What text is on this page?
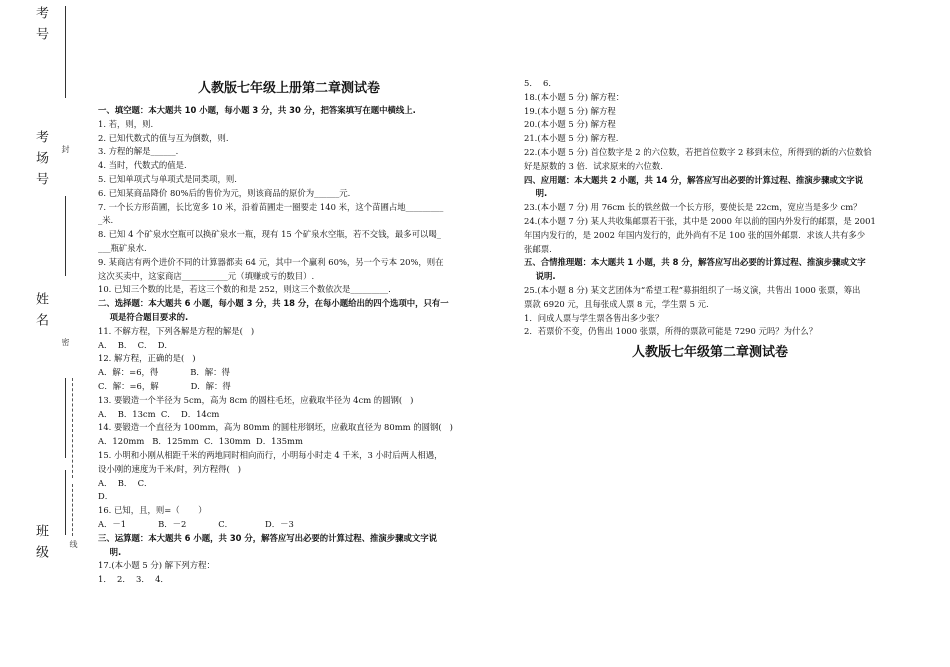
考 号
考 场 号 封
姓 名
密
班 级	线
人教版七年级上册第二章测试卷
一、填空题：本大题共 10 小题，每小题 3 分，共 30 分，把答案填写在题中横线上.
1. 若，则，则.
2. 已知代数式的值与互为倒数，则.
3. 方程的解是______.
4. 当时，代数式的值是.
5. 已知单项式与单项式是同类项，则.
6. 已知某商品降价 80%后的售价为元，则该商品的原价为______元.
7. 一个长方形苗圃，长比宽多 10 米，沿着苗圃走一圈要走 140 米，这个苗圃占地_________
_米.
8. 已知 4 个矿泉水空瓶可以换矿泉水一瓶，现有 15 个矿泉水空瓶，若不交钱，最多可以喝_
___瓶矿泉水.
9. 某商店有两个进价不同的计算器都卖 64 元，其中一个赢利 60%，另一个亏本 20%，则在
这次买卖中，这家商店___________元（填赚或亏的数目）.
10. 已知三个数的比是，若这三个数的和是 252，则这三个数依次是_________.
二、选择题：本大题共 6 小题，每小题 3 分，共 18 分，在每小题给出的四个选项中，只有一
项是符合题目要求的.
11. 不解方程，下列各解是方程的解是(   )
A．  B．  C．  D．
12. 解方程，正确的是(   )
A．解：=6，得            B．解：得
C．解：=6，解            D．解：得
13. 要锻造一个半径为 5cm，高为 8cm 的圆柱毛坯，应截取半径为 4cm 的圆钢(   )
A．  B．13cm  C．  D．14cm
14. 要锻造一个直径为 100mm，高为 80mm 的圆柱形钢坯，应截取直径为 80mm 的圆钢(   )
A．120mm   B．125mm  C．130mm  D．135mm
15. 小明和小刚从相距千米的两地同时相向而行，小明每小时走 4 千米，3 小时后两人相遇，
设小刚的速度为千米/时，列方程得(   )
A．  B．  C．
D．
16. 已知，且，则=（       ）
A．－1            B．－2            C．            D．－3
三、运算题：本大题共 6 小题，共 30 分，解答应写出必要的计算过程、推演步骤或文字说
明.
17.(本小题 5 分) 解下列方程：
1．  2．  3．  4．
5．  6．
18.(本小题 5 分) 解方程：
19.(本小题 5 分) 解方程
20.(本小题 5 分) 解方程
21.(本小题 5 分) 解方程.
22.(本小题 5 分) 首位数字是 2 的六位数，若把首位数字 2 移到末位，所得到的新的六位数恰
好是原数的 3 倍．试求原来的六位数.
四、应用题：本大题共 2 小题，共 14 分，解答应写出必要的计算过程、推演步骤或文字说
明.
23.(本小题 7 分) 用 76cm 长的铁丝做一个长方形，要使长是 22cm，宽应当是多少 cm？
24.(本小题 7 分) 某人共收集邮票若干张，其中是 2000 年以前的国内外发行的邮票，是 2001
年国内发行的，是 2002 年国内发行的，此外尚有不足 100 张的国外邮票．求该人共有多少
张邮票.
五、合情推理题：本大题共 1 小题，共 8 分，解答应写出必要的计算过程、推演步骤或文字
说明.
25.(本小题 8 分) 某文艺团体为“希望工程”募捐组织了一场义演，共售出 1000 张票，筹出
票款 6920 元，且每张成人票 8 元，学生票 5 元.
1．问成人票与学生票各售出多少张？
2．若票价不变，仍售出 1000 张票，所得的票款可能是 7290 元吗？为什么？
人教版七年级第二章测试卷
